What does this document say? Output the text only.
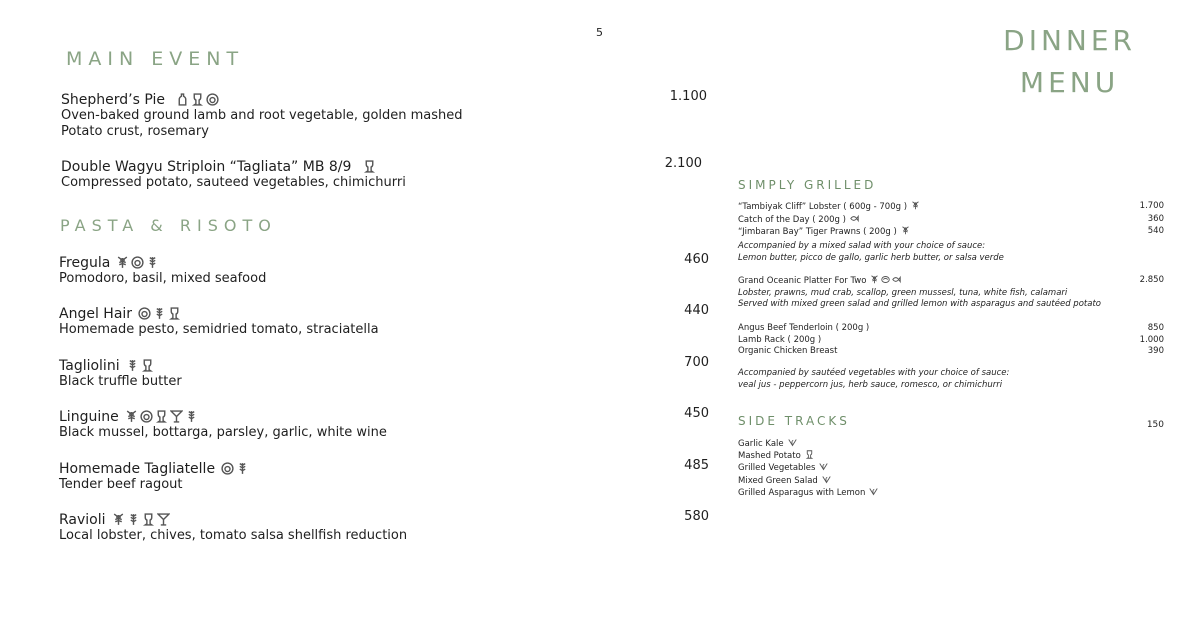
5	DINNER
MENU
MAIN EVENT
Shepherd’s Pie
Oven-baked ground lamb and root vegetable, golden mashed
Potato crust, rosemary
1.100
Double Wagyu Striploin “Tagliata” MB 8/9
Compressed potato, sauteed vegetables, chimichurri
2.100
PASTA & RISOTO
Fregula
Pomodoro, basil, mixed seafood
460
Angel Hair
Homemade pesto, semidried tomato, straciatella
440
Tagliolini
Black truffle butter
700
Linguine
Black mussel, bottarga, parsley, garlic, white wine
450
Homemade Tagliatelle
Tender beef ragout
485
Ravioli
Local lobster, chives, tomato salsa shellfish reduction
580
SIMPLY GRILLED
“Tambiyak Cliff” Lobster ( 600g - 700g )	1.700
Catch of the Day ( 200g )	360
“Jimbaran Bay” Tiger Prawns ( 200g )	540
Accompanied by a mixed salad with your choice of sauce:
Lemon butter, picco de gallo, garlic herb butter, or salsa verde
Grand Oceanic Platter For Two	2.850
Lobster, prawns, mud crab, scallop, green mussesl, tuna, white fish, calamari
Served with mixed green salad and grilled lemon with asparagus and sautéed potato
Angus Beef Tenderloin ( 200g )	850
Lamb Rack ( 200g )	1.000
Organic Chicken Breast	390
Accompanied by sautéed vegetables with your choice of sauce:
veal jus - peppercorn jus, herb sauce, romesco, or chimichurri
SIDE TRACKS	150
Garlic Kale
Mashed Potato
Grilled Vegetables
Mixed Green Salad
Grilled Asparagus with Lemon
